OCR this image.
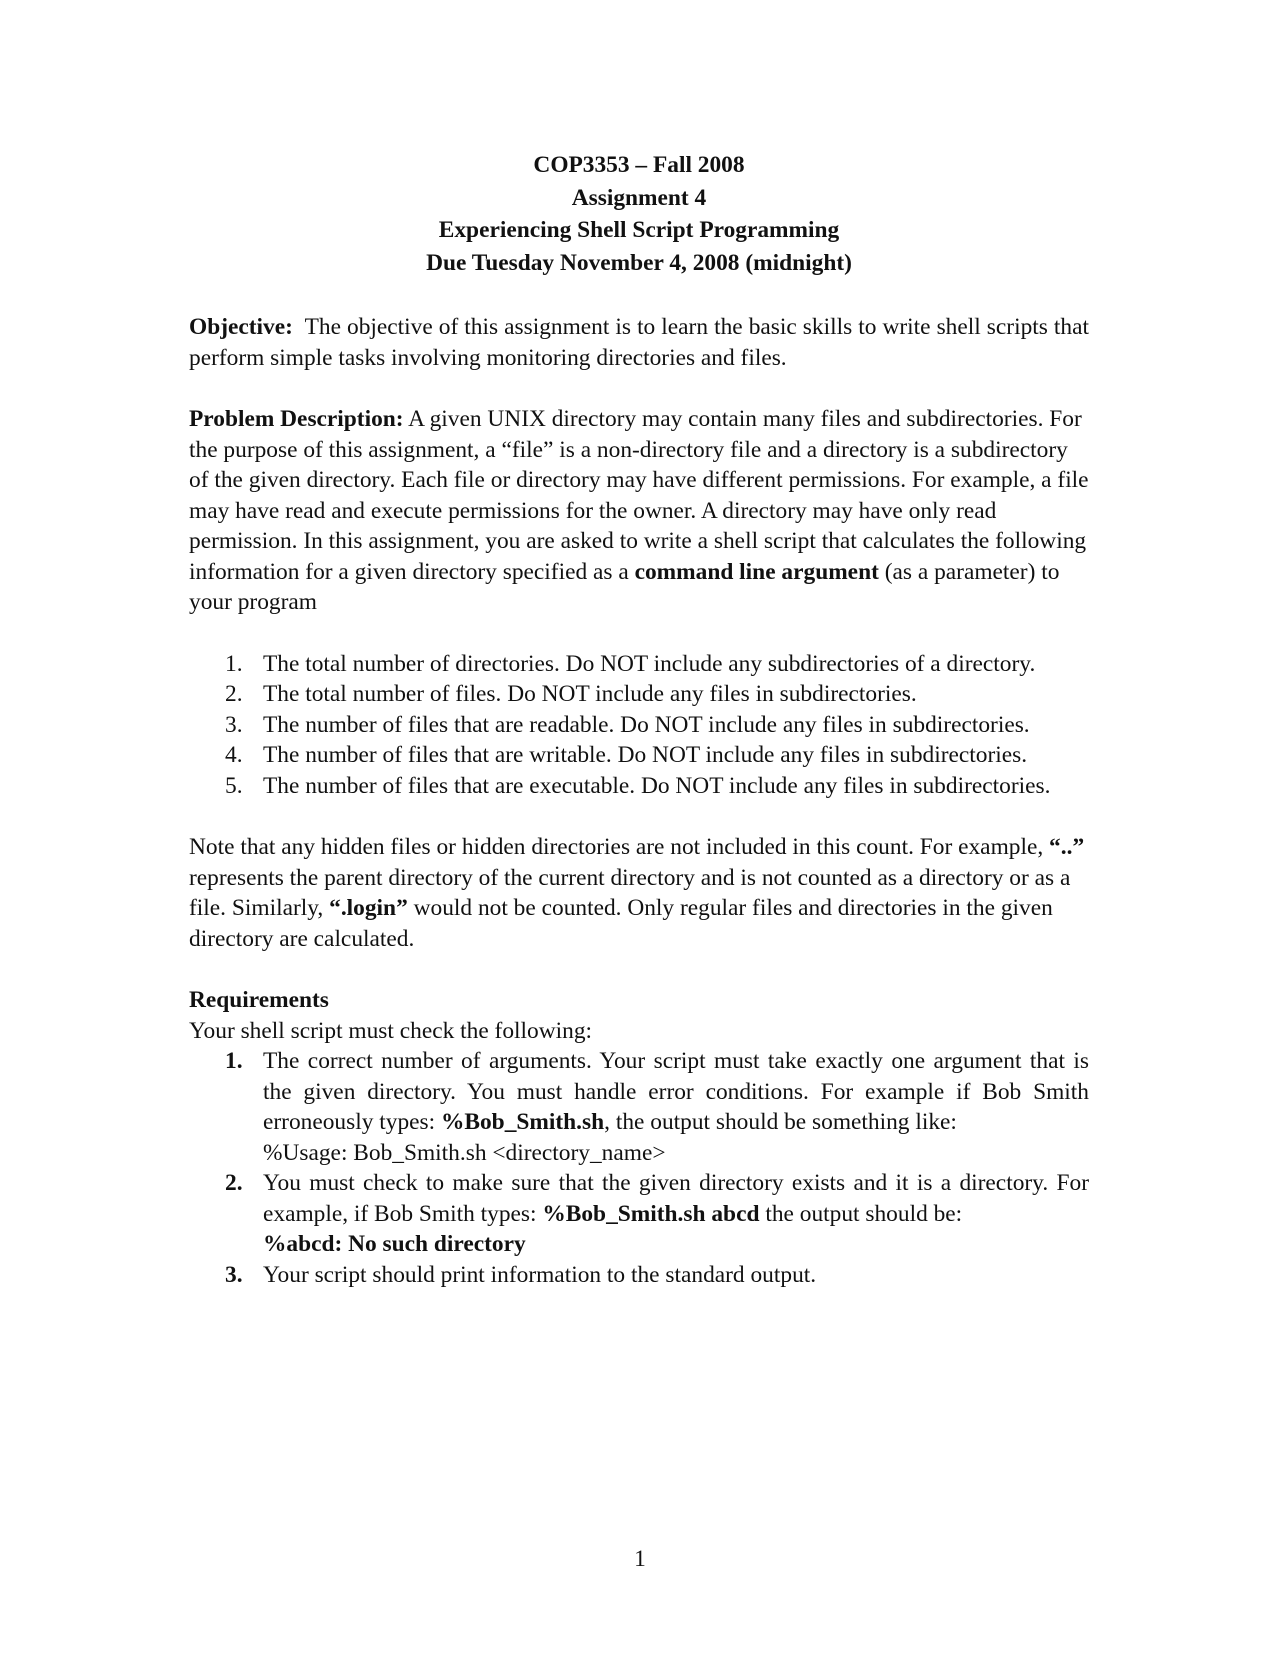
COP3353 – Fall 2008
Assignment 4
Experiencing Shell Script Programming
Due Tuesday November 4, 2008 (midnight)

Objective: The objective of this assignment is to learn the basic skills to write shell scripts that perform simple tasks involving monitoring directories and files.

Problem Description: A given UNIX directory may contain many files and subdirectories. For the purpose of this assignment, a “file” is a non-directory file and a directory is a subdirectory of the given directory. Each file or directory may have different permissions. For example, a file may have read and execute permissions for the owner. A directory may have only read permission. In this assignment, you are asked to write a shell script that calculates the following information for a given directory specified as a command line argument (as a parameter) to your program

1. The total number of directories. Do NOT include any subdirectories of a directory.
2. The total number of files. Do NOT include any files in subdirectories.
3. The number of files that are readable. Do NOT include any files in subdirectories.
4. The number of files that are writable. Do NOT include any files in subdirectories.
5. The number of files that are executable. Do NOT include any files in subdirectories.

Note that any hidden files or hidden directories are not included in this count. For example, “..” represents the parent directory of the current directory and is not counted as a directory or as a file. Similarly, “.login” would not be counted. Only regular files and directories in the given directory are calculated.

Requirements

Your shell script must check the following:

1. The correct number of arguments. Your script must take exactly one argument that is the given directory. You must handle error conditions. For example if Bob Smith erroneously types: %Bob_Smith.sh, the output should be something like:
%Usage: Bob_Smith.sh <directory_name>
2. You must check to make sure that the given directory exists and it is a directory. For example, if Bob Smith types: %Bob_Smith.sh abcd the output should be:
%abcd: No such directory
3. Your script should print information to the standard output.
1
